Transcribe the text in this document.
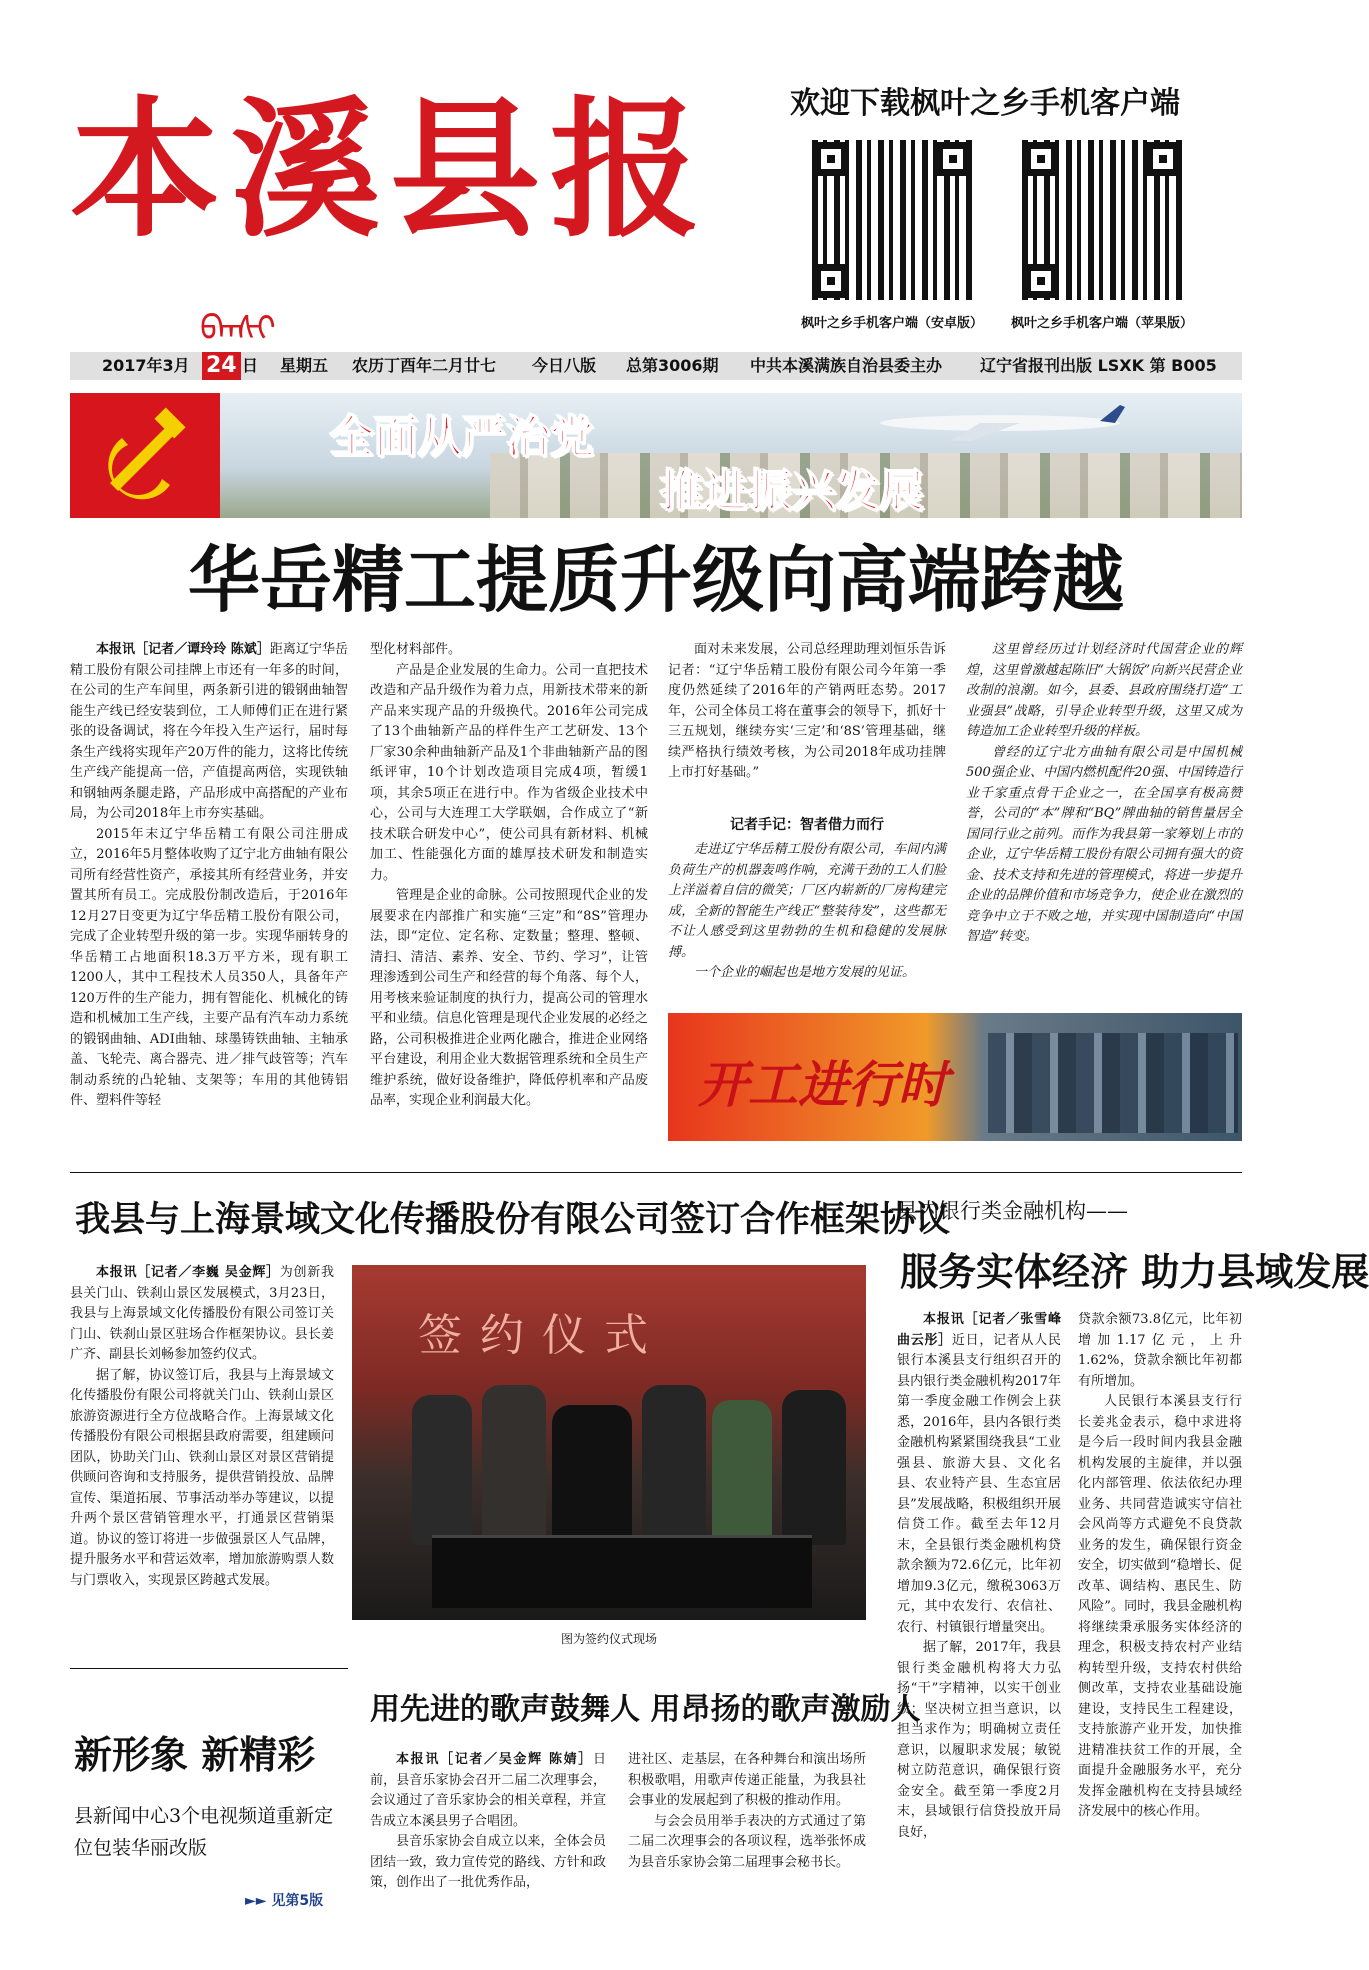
本溪县报
ᠪᠡᠨᠰᠢ
欢迎下载枫叶之乡手机客户端
枫叶之乡手机客户端（安卓版）	枫叶之乡手机客户端（苹果版）
2017年3月 24 日 星期五 农历丁酉年二月廿七 今日八版 总第3006期 中共本溪满族自治县委主办 辽宁省报刊出版 LSXK 第 B005
全面从严治党
推进振兴发展
华岳精工提质升级向高端跨越

本报讯［记者／谭玲玲 陈斌］距离辽宁华岳精工股份有限公司挂牌上市还有一年多的时间，在公司的生产车间里，两条新引进的锻钢曲轴智能生产线已经安装到位，工人师傅们正在进行紧张的设备调试，将在今年投入生产运行，届时每条生产线将实现年产20万件的能力，这将比传统生产线产能提高一倍，产值提高两倍，实现铁轴和钢轴两条腿走路，产品形成中高搭配的产业布局，为公司2018年上市夯实基础。

2015年末辽宁华岳精工有限公司注册成立，2016年5月整体收购了辽宁北方曲轴有限公司所有经营性资产，承接其所有经营业务，并安置其所有员工。完成股份制改造后，于2016年12月27日变更为辽宁华岳精工股份有限公司，完成了企业转型升级的第一步。实现华丽转身的华岳精工占地面积18.3万平方米，现有职工1200人，其中工程技术人员350人，具备年产120万件的生产能力，拥有智能化、机械化的铸造和机械加工生产线，主要产品有汽车动力系统的锻钢曲轴、ADI曲轴、球墨铸铁曲轴、主轴承盖、飞轮壳、离合器壳、进／排气歧管等；汽车制动系统的凸轮轴、支架等；车用的其他铸铝件、塑料件等轻

型化材料部件。

产品是企业发展的生命力。公司一直把技术改造和产品升级作为着力点，用新技术带来的新产品来实现产品的升级换代。2016年公司完成了13个曲轴新产品的样件生产工艺研发、13个厂家30余种曲轴新产品及1个非曲轴新产品的图纸评审，10个计划改造项目完成4项，暂缓1项，其余5项正在进行中。作为省级企业技术中心，公司与大连理工大学联姻，合作成立了“新技术联合研发中心”，使公司具有新材料、机械加工、性能强化方面的雄厚技术研发和制造实力。

管理是企业的命脉。公司按照现代企业的发展要求在内部推广和实施“三定”和“8S”管理办法，即“定位、定名称、定数量；整理、整顿、清扫、清洁、素养、安全、节约、学习”，让管理渗透到公司生产和经营的每个角落、每个人，用考核来验证制度的执行力，提高公司的管理水平和业绩。信息化管理是现代企业发展的必经之路，公司积极推进企业两化融合，推进企业网络平台建设，利用企业大数据管理系统和全员生产维护系统，做好设备维护，降低停机率和产品废品率，实现企业利润最大化。

面对未来发展，公司总经理助理刘恒乐告诉记者：“辽宁华岳精工股份有限公司今年第一季度仍然延续了2016年的产销两旺态势。2017年，公司全体员工将在董事会的领导下，抓好十三五规划，继续夯实‘三定’和‘8S’管理基础，继续严格执行绩效考核，为公司2018年成功挂牌上市打好基础。”

记者手记：智者借力而行

走进辽宁华岳精工股份有限公司，车间内满负荷生产的机器轰鸣作响，充满干劲的工人们脸上洋溢着自信的微笑；厂区内崭新的厂房构建完成，全新的智能生产线正“整装待发”，这些都无不让人感受到这里勃勃的生机和稳健的发展脉搏。

一个企业的崛起也是地方发展的见证。

这里曾经历过计划经济时代国营企业的辉煌，这里曾激越起陈旧“大锅饭”向新兴民营企业改制的浪潮。如今，县委、县政府围绕打造“工业强县”战略，引导企业转型升级，这里又成为铸造加工企业转型升级的样板。

曾经的辽宁北方曲轴有限公司是中国机械500强企业、中国内燃机配件20强、中国铸造行业千家重点骨干企业之一，在全国享有极高赞誉，公司的“本”牌和“BQ”牌曲轴的销售量居全国同行业之前列。而作为我县第一家筹划上市的企业，辽宁华岳精工股份有限公司拥有强大的资金、技术支持和先进的管理模式，将进一步提升企业的品牌价值和市场竞争力，使企业在激烈的竞争中立于不败之地，并实现中国制造向“中国智造”转变。

开工进行时
我县与上海景域文化传播股份有限公司签订合作框架协议

本报讯［记者／李巍 吴金辉］为创新我县关门山、铁刹山景区发展模式，3月23日，我县与上海景域文化传播股份有限公司签订关门山、铁刹山景区驻场合作框架协议。县长姜广齐、副县长刘畅参加签约仪式。

据了解，协议签订后，我县与上海景域文化传播股份有限公司将就关门山、铁刹山景区旅游资源进行全方位战略合作。上海景域文化传播股份有限公司根据县政府需要，组建顾问团队，协助关门山、铁刹山景区对景区营销提供顾问咨询和支持服务，提供营销投放、品牌宣传、渠道拓展、节事活动举办等建议，以提升两个景区营销管理水平，打通景区营销渠道。协议的签订将进一步做强景区人气品牌，提升服务水平和营运效率，增加旅游购票人数与门票收入，实现景区跨越式发展。

签约仪式
图为签约仪式现场
县内银行类金融机构——
服务实体经济 助力县域发展

本报讯［记者／张雪峰 曲云彤］近日，记者从人民银行本溪县支行组织召开的县内银行类金融机构2017年第一季度金融工作例会上获悉，2016年，县内各银行类金融机构紧紧围绕我县“工业强县、旅游大县、文化名县、农业特产县、生态宜居县”发展战略，积极组织开展信贷工作。截至去年12月末，全县银行类金融机构贷款余额为72.6亿元，比年初增加9.3亿元，缴税3063万元，其中农发行、农信社、农行、村镇银行增量突出。

据了解，2017年，我县银行类金融机构将大力弘扬“干”字精神，以实干创业绩；坚决树立担当意识，以担当求作为；明确树立责任意识，以履职求发展；敏锐树立防范意识，确保银行资金安全。截至第一季度2月末，县域银行信贷投放开局良好，

贷款余额73.8亿元，比年初增加1.17亿元，上升1.62%，贷款余额比年初都有所增加。

人民银行本溪县支行行长姜兆金表示，稳中求进将是今后一段时间内我县金融机构发展的主旋律，并以强化内部管理、依法依纪办理业务、共同营造诚实守信社会风尚等方式避免不良贷款业务的发生，确保银行资金安全，切实做到“稳增长、促改革、调结构、惠民生、防风险”。同时，我县金融机构将继续秉承服务实体经济的理念，积极支持农村产业结构转型升级，支持农村供给侧改革，支持农业基础设施建设，支持民生工程建设，支持旅游产业开发，加快推进精准扶贫工作的开展，全面提升金融服务水平，充分发挥金融机构在支持县域经济发展中的核心作用。

新形象 新精彩
县新闻中心3个电视频道重新定位包装华丽改版
►► 见第5版
用先进的歌声鼓舞人 用昂扬的歌声激励人

本报讯［记者／吴金辉 陈婧］日前，县音乐家协会召开二届二次理事会，会议通过了音乐家协会的相关章程，并宣告成立本溪县男子合唱团。

县音乐家协会自成立以来，全体会员团结一致，致力宣传党的路线、方针和政策，创作出了一批优秀作品，

进社区、走基层，在各种舞台和演出场所积极歌唱，用歌声传递正能量，为我县社会事业的发展起到了积极的推动作用。

与会会员用举手表决的方式通过了第二届二次理事会的各项议程，选举张怀成为县音乐家协会第二届理事会秘书长。
